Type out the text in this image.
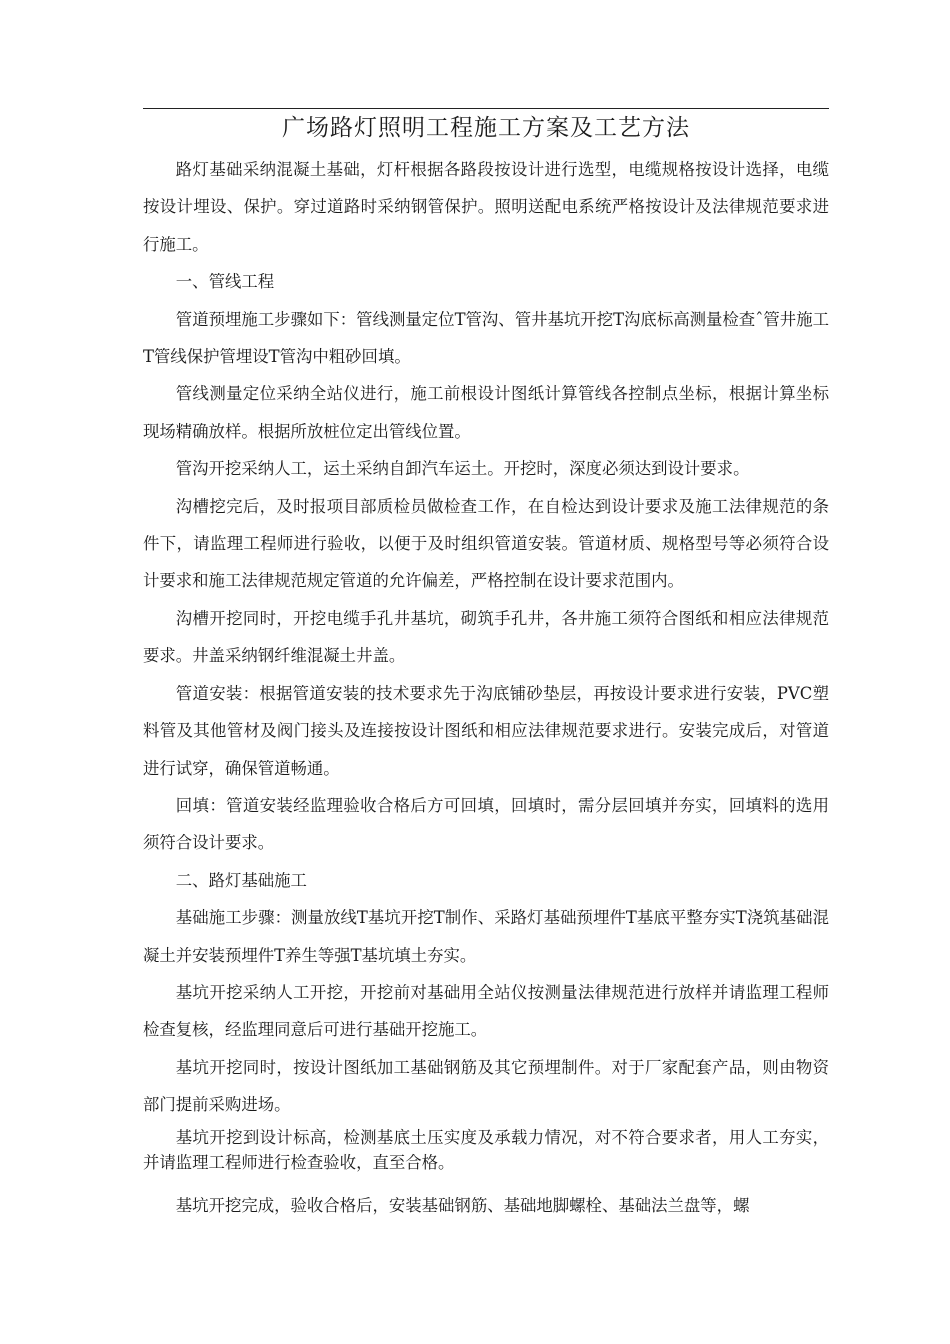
广场路灯照明工程施工方案及工艺方法

路灯基础采纳混凝土基础，灯杆根据各路段按设计进行选型，电缆规格按设计选择，电缆按设计埋设、保护。穿过道路时采纳钢管保护。照明送配电系统严格按设计及法律规范要求进行施工。

一、管线工程

管道预埋施工步骤如下：管线测量定位T管沟、管井基坑开挖T沟底标高测量检查ˆ管井施工T管线保护管埋设T管沟中粗砂回填。

管线测量定位采纳全站仪进行，施工前根设计图纸计算管线各控制点坐标，根据计算坐标现场精确放样。根据所放桩位定出管线位置。

管沟开挖采纳人工，运土采纳自卸汽车运土。开挖时，深度必须达到设计要求。

沟槽挖完后，及时报项目部质检员做检查工作，在自检达到设计要求及施工法律规范的条件下，请监理工程师进行验收，以便于及时组织管道安装。管道材质、规格型号等必须符合设计要求和施工法律规范规定管道的允许偏差，严格控制在设计要求范围内。

沟槽开挖同时，开挖电缆手孔井基坑，砌筑手孔井，各井施工须符合图纸和相应法律规范要求。井盖采纳钢纤维混凝土井盖。

管道安装：根据管道安装的技术要求先于沟底铺砂垫层，再按设计要求进行安装，PVC塑料管及其他管材及阀门接头及连接按设计图纸和相应法律规范要求进行。安装完成后，对管道进行试穿，确保管道畅通。

回填：管道安装经监理验收合格后方可回填，回填时，需分层回填并夯实，回填料的选用须符合设计要求。

二、路灯基础施工

基础施工步骤：测量放线T基坑开挖T制作、采路灯基础预埋件T基底平整夯实T浇筑基础混凝土并安装预埋件T养生等强T基坑填土夯实。

基坑开挖采纳人工开挖，开挖前对基础用全站仪按测量法律规范进行放样并请监理工程师检查复核，经监理同意后可进行基础开挖施工。

基坑开挖同时，按设计图纸加工基础钢筋及其它预埋制件。对于厂家配套产品，则由物资部门提前采购进场。

基坑开挖到设计标高，检测基底土压实度及承载力情况，对不符合要求者，用人工夯实，并请监理工程师进行检查验收，直至合格。

基坑开挖完成，验收合格后，安装基础钢筋、基础地脚螺栓、基础法兰盘等，螺
